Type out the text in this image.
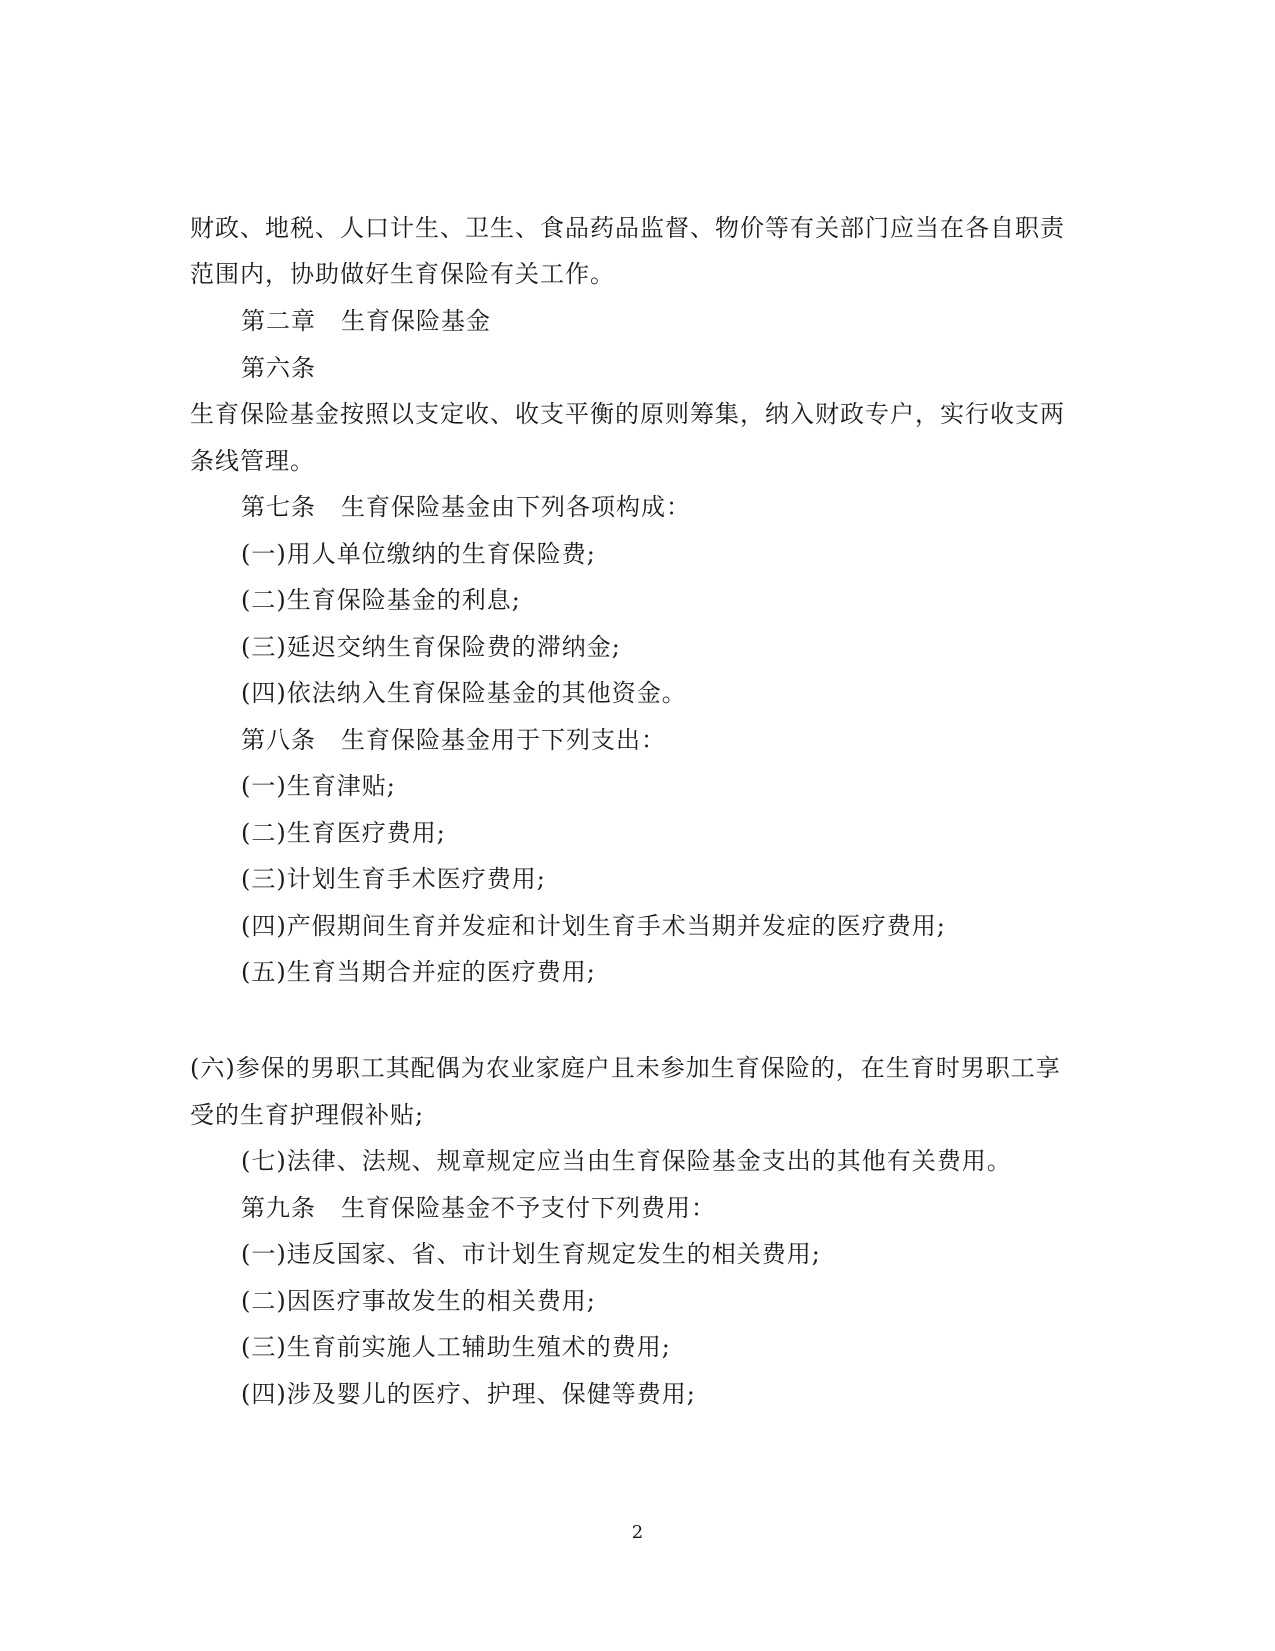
财政、地税、人口计生、卫生、食品药品监督、物价等有关部门应当在各自职责
范围内，协助做好生育保险有关工作。
第二章　生育保险基金
第六条
生育保险基金按照以支定收、收支平衡的原则筹集，纳入财政专户，实行收支两
条线管理。
第七条　生育保险基金由下列各项构成：
(一)用人单位缴纳的生育保险费;
(二)生育保险基金的利息;
(三)延迟交纳生育保险费的滞纳金;
(四)依法纳入生育保险基金的其他资金。
第八条　生育保险基金用于下列支出：
(一)生育津贴;
(二)生育医疗费用;
(三)计划生育手术医疗费用;
(四)产假期间生育并发症和计划生育手术当期并发症的医疗费用;
(五)生育当期合并症的医疗费用;
(六)参保的男职工其配偶为农业家庭户且未参加生育保险的，在生育时男职工享
受的生育护理假补贴;
(七)法律、法规、规章规定应当由生育保险基金支出的其他有关费用。
第九条　生育保险基金不予支付下列费用：
(一)违反国家、省、市计划生育规定发生的相关费用;
(二)因医疗事故发生的相关费用;
(三)生育前实施人工辅助生殖术的费用;
(四)涉及婴儿的医疗、护理、保健等费用;
2
